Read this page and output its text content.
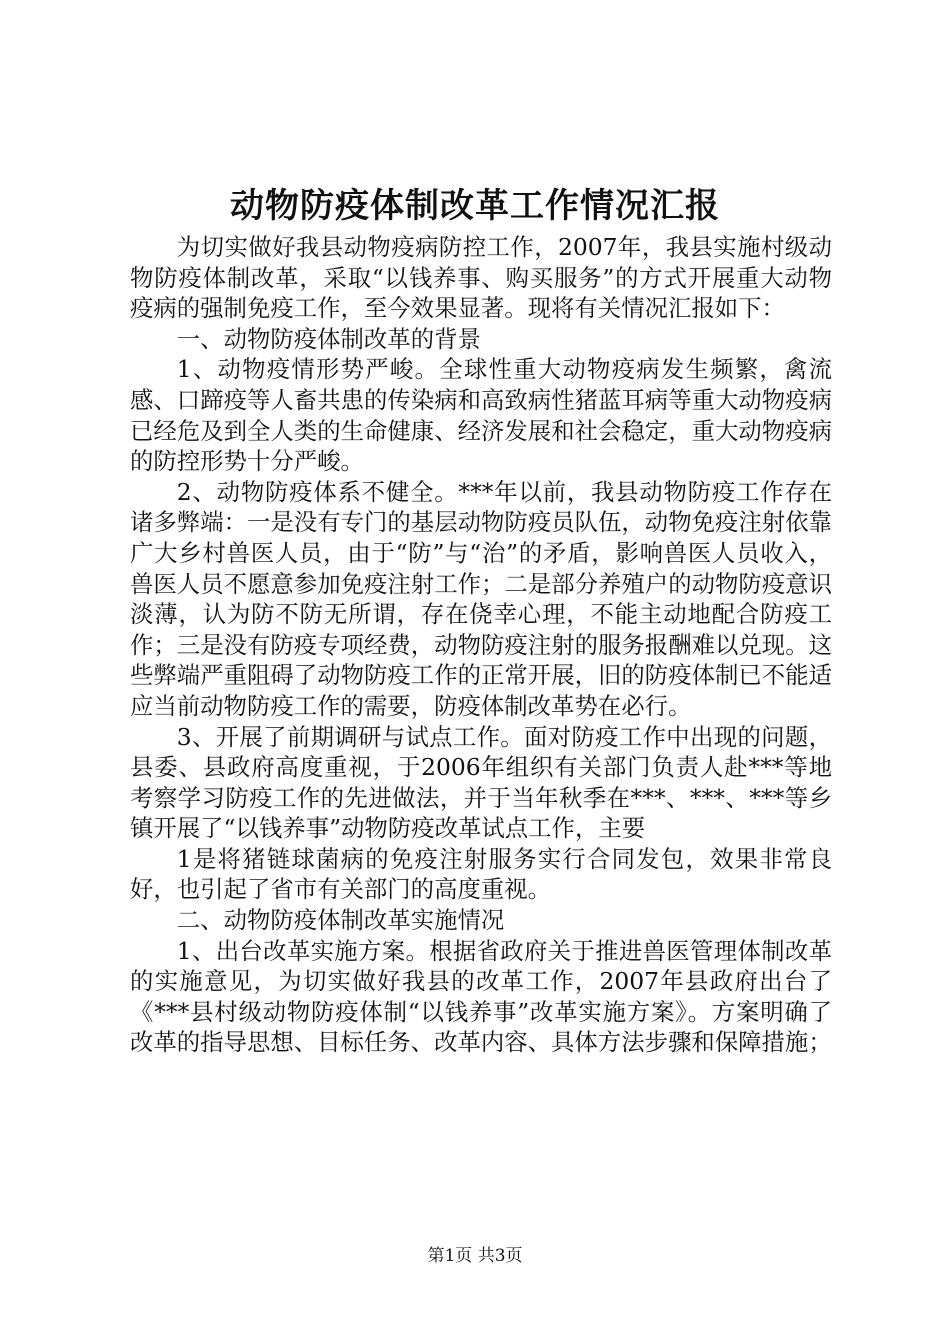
动物防疫体制改革工作情况汇报

为切实做好我县动物疫病防控工作，2007年，我县实施村级动物防疫体制改革，采取“以钱养事、购买服务”的方式开展重大动物疫病的强制免疫工作，至今效果显著。现将有关情况汇报如下：

一、动物防疫体制改革的背景

1、动物疫情形势严峻。全球性重大动物疫病发生频繁，禽流感、口蹄疫等人畜共患的传染病和高致病性猪蓝耳病等重大动物疫病已经危及到全人类的生命健康、经济发展和社会稳定，重大动物疫病的防控形势十分严峻。

2、动物防疫体系不健全。***年以前，我县动物防疫工作存在诸多弊端：一是没有专门的基层动物防疫员队伍，动物免疫注射依靠广大乡村兽医人员，由于“防”与“治”的矛盾，影响兽医人员收入，兽医人员不愿意参加免疫注射工作；二是部分养殖户的动物防疫意识淡薄，认为防不防无所谓，存在侥幸心理，不能主动地配合防疫工作；三是没有防疫专项经费，动物防疫注射的服务报酬难以兑现。这些弊端严重阻碍了动物防疫工作的正常开展，旧的防疫体制已不能适应当前动物防疫工作的需要，防疫体制改革势在必行。

3、开展了前期调研与试点工作。面对防疫工作中出现的问题，县委、县政府高度重视，于2006年组织有关部门负责人赴***等地考察学习防疫工作的先进做法，并于当年秋季在***、***、***等乡镇开展了“以钱养事”动物防疫改革试点工作，主要

1是将猪链球菌病的免疫注射服务实行合同发包，效果非常良好，也引起了省市有关部门的高度重视。

二、动物防疫体制改革实施情况

1、出台改革实施方案。根据省政府关于推进兽医管理体制改革的实施意见，为切实做好我县的改革工作，2007年县政府出台了《***县村级动物防疫体制“以钱养事”改革实施方案》。方案明确了改革的指导思想、目标任务、改革内容、具体方法步骤和保障措施；

第1页 共3页
